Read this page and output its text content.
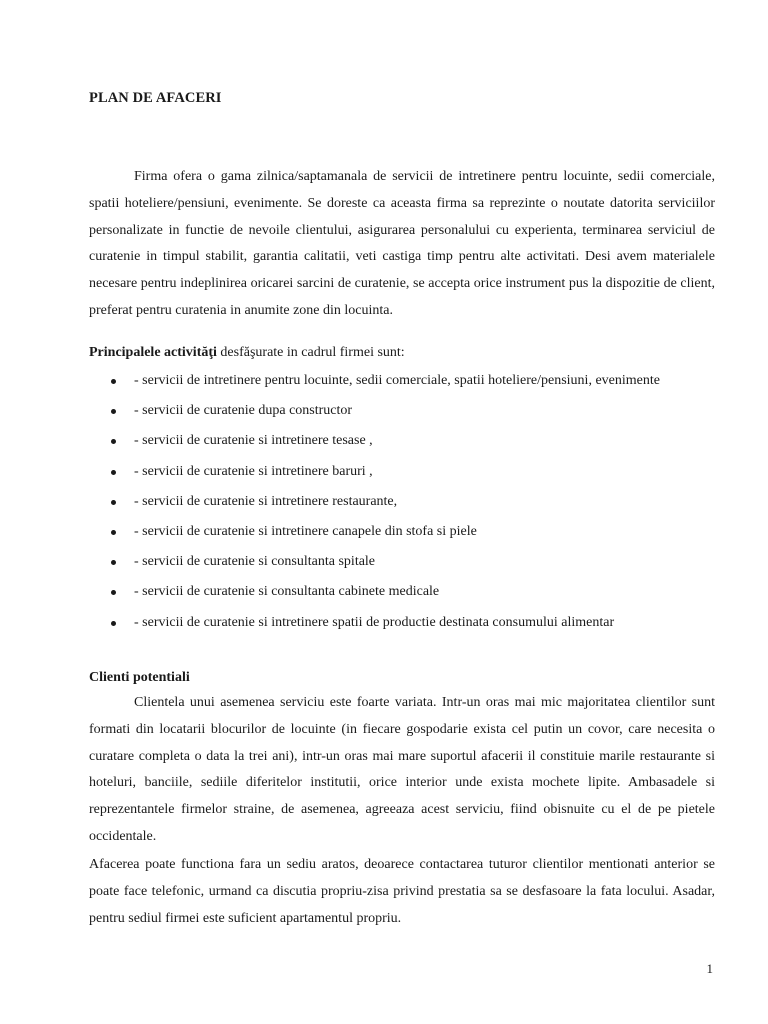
PLAN DE AFACERI
Firma ofera o gama zilnica/saptamanala de servicii de intretinere pentru locuinte, sedii comerciale, spatii hoteliere/pensiuni, evenimente. Se doreste ca aceasta firma sa reprezinte o noutate datorita serviciilor personalizate in functie de nevoile clientului, asigurarea personalului cu experienta, terminarea serviciul de curatenie in timpul stabilit, garantia calitatii, veti castiga timp pentru alte activitati. Desi avem materialele necesare pentru indeplinirea oricarei sarcini de curatenie, se accepta orice instrument pus la dispozitie de client, preferat pentru curatenia in anumite zone din locuinta.
Principalele activităţi desfăşurate in cadrul firmei sunt:
- servicii de intretinere pentru locuinte, sedii comerciale, spatii hoteliere/pensiuni, evenimente
- servicii de curatenie dupa constructor
- servicii de curatenie si intretinere tesase ,
- servicii de curatenie si intretinere baruri ,
- servicii de curatenie si intretinere restaurante,
- servicii de curatenie si intretinere canapele din stofa si piele
- servicii de curatenie si consultanta spitale
- servicii de curatenie si consultanta cabinete medicale
- servicii de curatenie si intretinere spatii de productie destinata consumului alimentar
Clienti potentiali
Clientela unui asemenea serviciu este foarte variata. Intr-un oras mai mic majoritatea clientilor sunt formati din locatarii blocurilor de locuinte (in fiecare gospodarie exista cel putin un covor, care necesita o curatare completa o data la trei ani), intr-un oras mai mare suportul afacerii il constituie marile restaurante si hoteluri, banciile, sediile diferitelor institutii, orice interior unde exista mochete lipite. Ambasadele si reprezentantele firmelor straine, de asemenea, agreeaza acest serviciu, fiind obisnuite cu el de pe pietele occidentale.
Afacerea poate functiona fara un sediu aratos, deoarece contactarea tuturor clientilor mentionati anterior se poate face telefonic, urmand ca discutia propriu-zisa privind prestatia sa se desfasoare la fata locului. Asadar, pentru sediul firmei este suficient apartamentul propriu.
1
